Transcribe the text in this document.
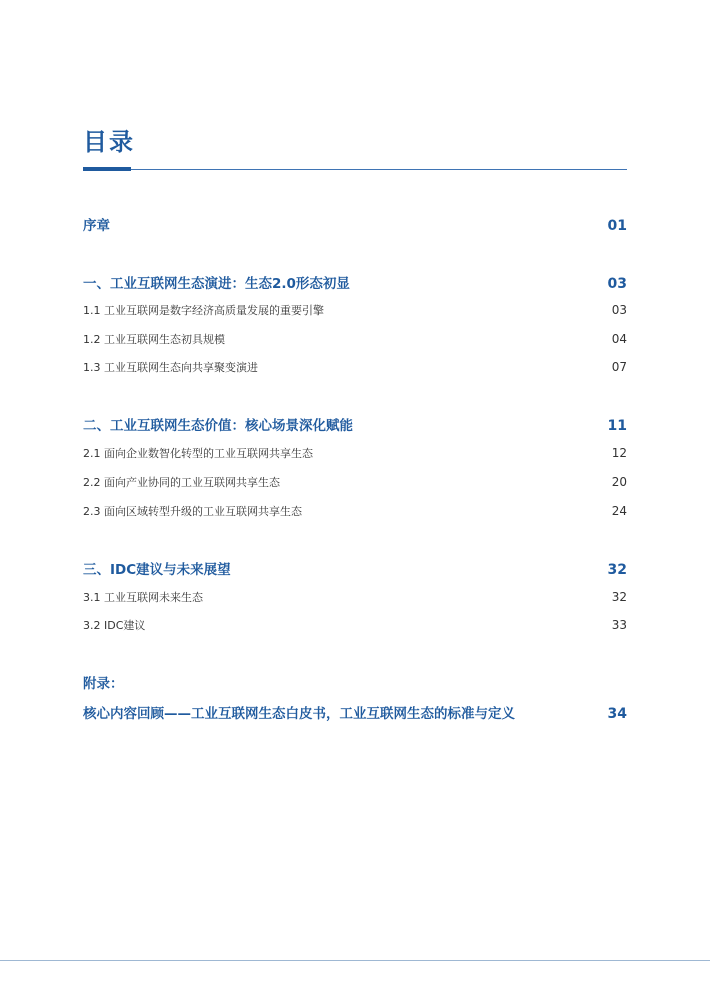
目录
序章	01
一、工业互联网生态演进：生态2.0形态初显	03
1.1 工业互联网是数字经济高质量发展的重要引擎	03
1.2 工业互联网生态初具规模	04
1.3 工业互联网生态向共享聚变演进	07
二、工业互联网生态价值：核心场景深化赋能	11
2.1 面向企业数智化转型的工业互联网共享生态	12
2.2 面向产业协同的工业互联网共享生态	20
2.3 面向区域转型升级的工业互联网共享生态	24
三、IDC建议与未来展望	32
3.1 工业互联网未来生态	32
3.2 IDC建议	33
附录：
核心内容回顾——工业互联网生态白皮书，工业互联网生态的标准与定义	34
